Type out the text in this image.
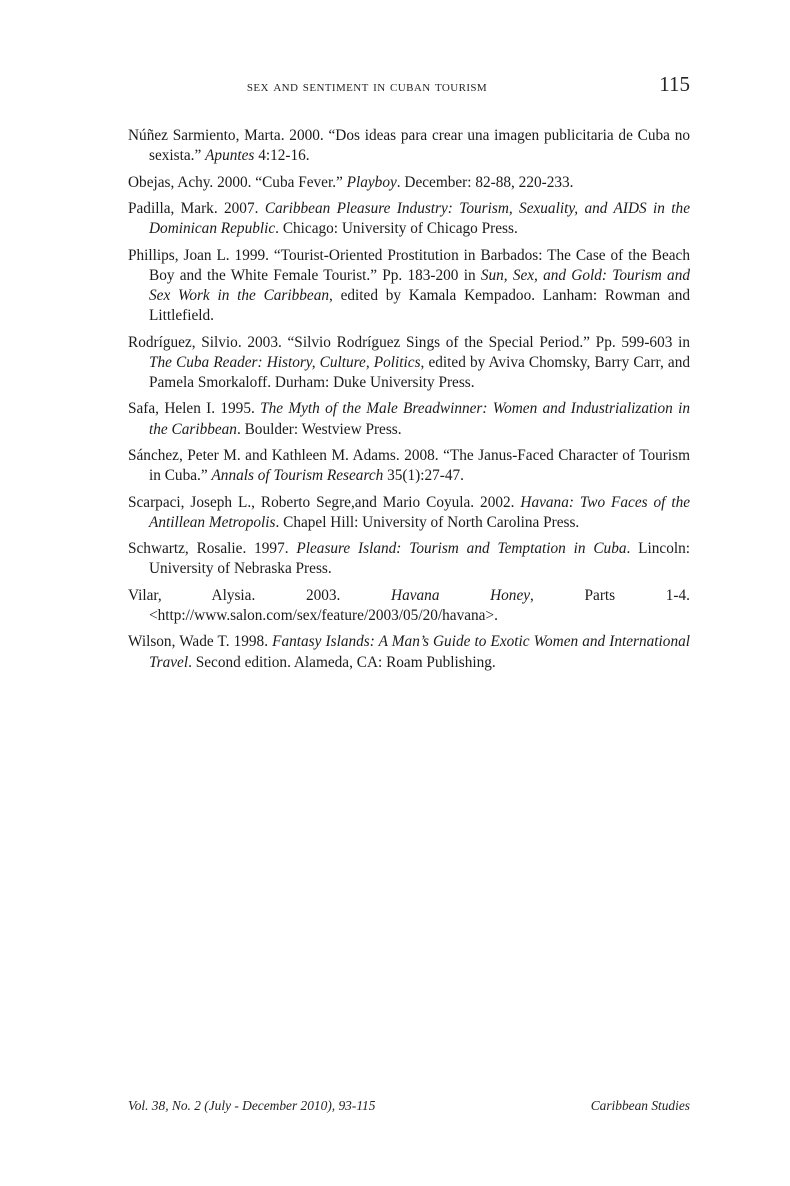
sex and sentiment in cuban tourism	115

Núñez Sarmiento, Marta. 2000. “Dos ideas para crear una imagen publicitaria de Cuba no sexista.” Apuntes 4:12-16.

Obejas, Achy. 2000. “Cuba Fever.” Playboy. December: 82-88, 220-233.

Padilla, Mark. 2007. Caribbean Pleasure Industry: Tourism, Sexuality, and AIDS in the Dominican Republic. Chicago: University of Chicago Press.

Phillips, Joan L. 1999. “Tourist-Oriented Prostitution in Barbados: The Case of the Beach Boy and the White Female Tourist.” Pp. 183-200 in Sun, Sex, and Gold: Tourism and Sex Work in the Caribbean, edited by Kamala Kempadoo. Lanham: Rowman and Littlefield.

Rodríguez, Silvio. 2003. “Silvio Rodríguez Sings of the Special Period.” Pp. 599-603 in The Cuba Reader: History, Culture, Politics, edited by Aviva Chomsky, Barry Carr, and Pamela Smorkaloff. Durham: Duke University Press.

Safa, Helen I. 1995. The Myth of the Male Breadwinner: Women and Industrialization in the Caribbean. Boulder: Westview Press.

Sánchez, Peter M. and Kathleen M. Adams. 2008. “The Janus-Faced Character of Tourism in Cuba.” Annals of Tourism Research 35(1):27-47.

Scarpaci, Joseph L., Roberto Segre,and Mario Coyula. 2002. Havana: Two Faces of the Antillean Metropolis. Chapel Hill: University of North Carolina Press.

Schwartz, Rosalie. 1997. Pleasure Island: Tourism and Temptation in Cuba. Lincoln: University of Nebraska Press.

Vilar, Alysia. 2003. Havana Honey, Parts 1-4. <http://www.salon.com/sex/feature/2003/05/20/havana>.

Wilson, Wade T. 1998. Fantasy Islands: A Man’s Guide to Exotic Women and International Travel. Second edition. Alameda, CA: Roam Publishing.

Vol. 38, No. 2 (July - December 2010), 93-115	Caribbean Studies
